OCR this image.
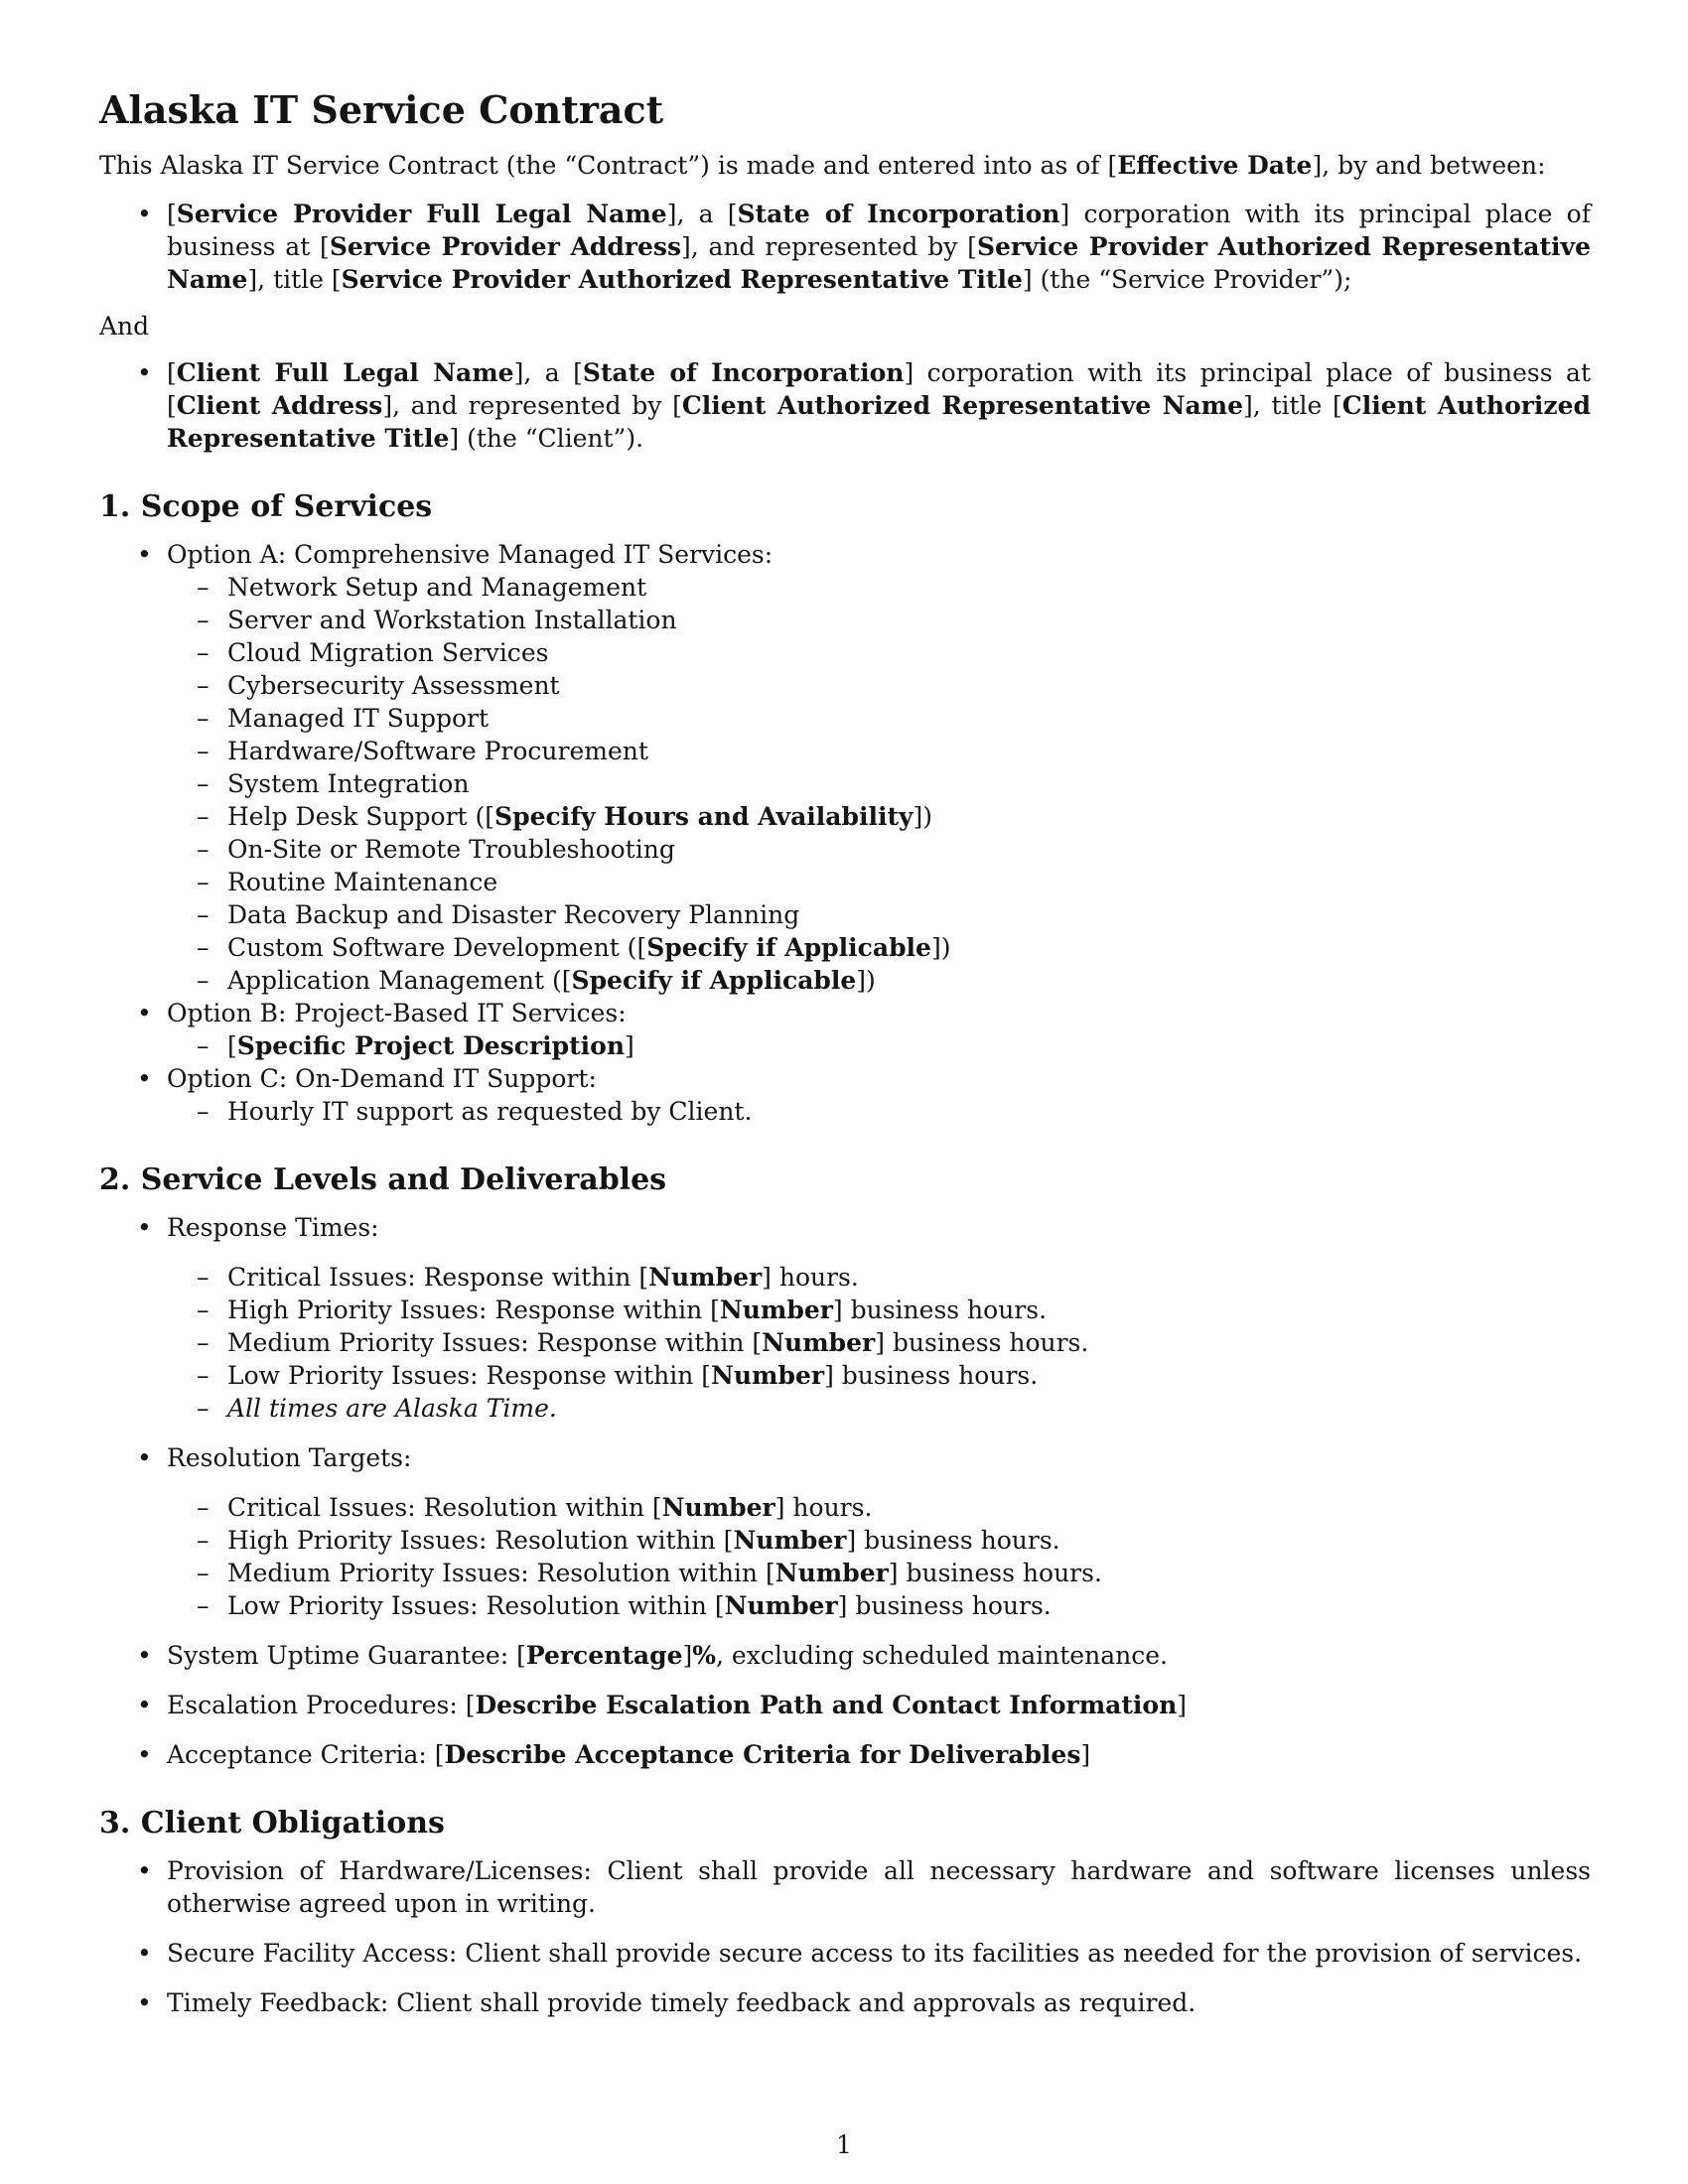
Alaska IT Service Contract

This Alaska IT Service Contract (the “Contract”) is made and entered into as of [Effective Date], by and between:

• [Service Provider Full Legal Name], a [State of Incorporation] corporation with its principal place of business at [Service Provider Address], and represented by [Service Provider Authorized Representative Name], title [Service Provider Authorized Representative Title] (the “Service Provider”);

And

• [Client Full Legal Name], a [State of Incorporation] corporation with its principal place of business at [Client Address], and represented by [Client Authorized Representative Name], title [Client Authorized Representative Title] (the “Client”).
1. Scope of Services
• Option A: Comprehensive Managed IT Services:
– Network Setup and Management
– Server and Workstation Installation
– Cloud Migration Services
– Cybersecurity Assessment
– Managed IT Support
– Hardware/Software Procurement
– System Integration
– Help Desk Support ([Specify Hours and Availability])
– On-Site or Remote Troubleshooting
– Routine Maintenance
– Data Backup and Disaster Recovery Planning
– Custom Software Development ([Specify if Applicable])
– Application Management ([Specify if Applicable])
• Option B: Project-Based IT Services:
– [Specific Project Description]
• Option C: On-Demand IT Support:
– Hourly IT support as requested by Client.
2. Service Levels and Deliverables
• Response Times:
– Critical Issues: Response within [Number] hours.
– High Priority Issues: Response within [Number] business hours.
– Medium Priority Issues: Response within [Number] business hours.
– Low Priority Issues: Response within [Number] business hours.
– All times are Alaska Time.
• Resolution Targets:
– Critical Issues: Resolution within [Number] hours.
– High Priority Issues: Resolution within [Number] business hours.
– Medium Priority Issues: Resolution within [Number] business hours.
– Low Priority Issues: Resolution within [Number] business hours.
• System Uptime Guarantee: [Percentage]%, excluding scheduled maintenance.
• Escalation Procedures: [Describe Escalation Path and Contact Information]
• Acceptance Criteria: [Describe Acceptance Criteria for Deliverables]
3. Client Obligations
• Provision of Hardware/Licenses: Client shall provide all necessary hardware and software licenses unless otherwise agreed upon in writing.
• Secure Facility Access: Client shall provide secure access to its facilities as needed for the provision of services.
• Timely Feedback: Client shall provide timely feedback and approvals as required.
1
